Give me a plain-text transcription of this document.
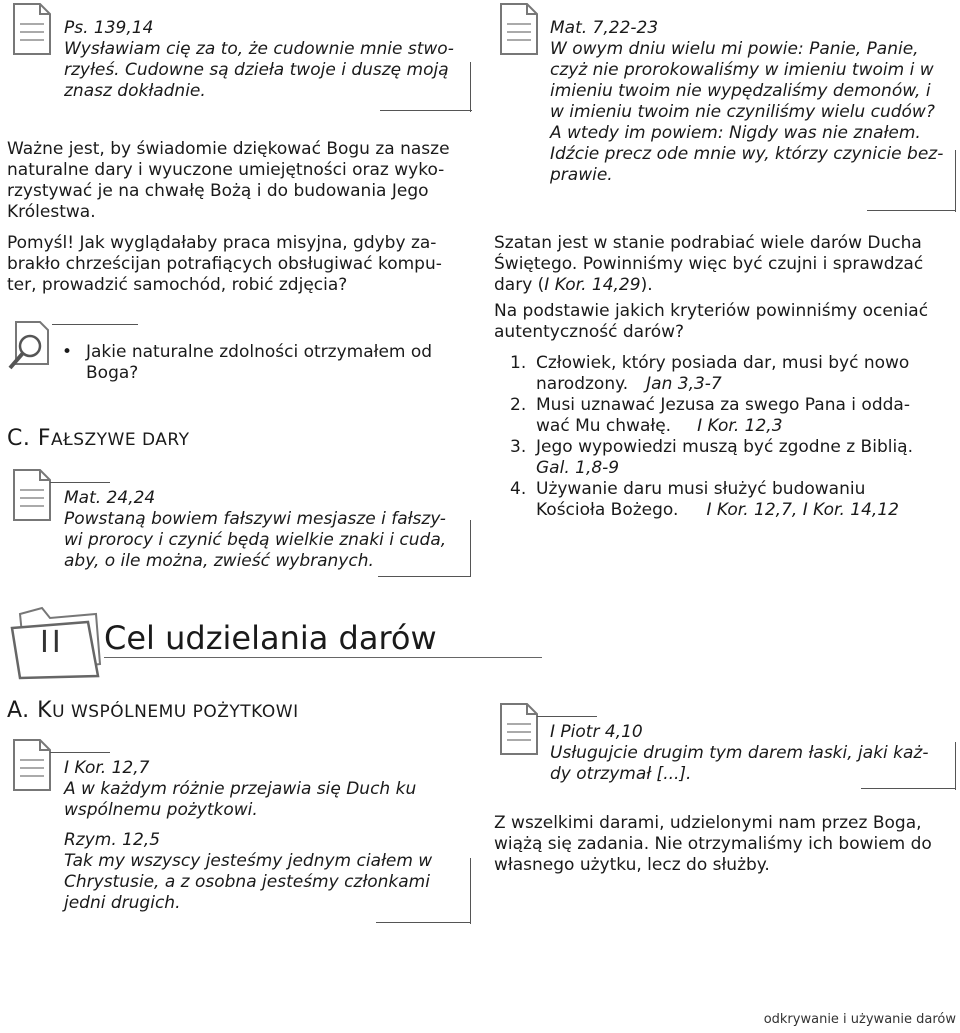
Ps. 139,14

Wysławiam cię za to, że cudownie mnie stwo-

rzyłeś. Cudowne są dzieła twoje i duszę moją

znasz dokładnie.

Ważne jest, by świadomie dziękować Bogu za nasze

naturalne dary i wyuczone umiejętności oraz wyko-

rzystywać je na chwałę Bożą i do budowania Jego

Królestwa.

Pomyśl! Jak wyglądałaby praca misyjna, gdyby za-

brakło chrześcijan potrafiących obsługiwać kompu-

ter, prowadzić samochód, robić zdjęcia?

• Jakie naturalne zdolności otrzymałem od

Boga?

C. FAŁSZYWE DARY

Mat. 24,24

Powstaną bowiem fałszywi mesjasze i fałszy-

wi prorocy i czynić będą wielkie znaki i cuda,

aby, o ile można, zwieść wybranych.

Mat. 7,22-23

W owym dniu wielu mi powie: Panie, Panie,

czyż nie prorokowaliśmy w imieniu twoim i w

imieniu twoim nie wypędzaliśmy demonów, i

w imieniu twoim nie czyniliśmy wielu cudów?

A wtedy im powiem: Nigdy was nie znałem.

Idźcie precz ode mnie wy, którzy czynicie bez-

prawie.

Szatan jest w stanie podrabiać wiele darów Ducha

Świętego. Powinniśmy więc być czujni i sprawdzać

dary (I Kor. 14,29).

Na podstawie jakich kryteriów powinniśmy oceniać

autentyczność darów?

1. Człowiek, który posiada dar, musi być nowo

narodzony. Jan 3,3-7

2. Musi uznawać Jezusa za swego Pana i odda-

wać Mu chwałę. I Kor. 12,3

3. Jego wypowiedzi muszą być zgodne z Biblią.

Gal. 1,8-9

4. Używanie daru musi służyć budowaniu

Kościoła Bożego. I Kor. 12,7, I Kor. 14,12

II Cel udzielania darów
A. KU WSPÓLNEMU POŻYTKOWI

I Kor. 12,7

A w każdym różnie przejawia się Duch ku

wspólnemu pożytkowi.

Rzym. 12,5

Tak my wszyscy jesteśmy jednym ciałem w

Chrystusie, a z osobna jesteśmy członkami

jedni drugich.

I Piotr 4,10

Usługujcie drugim tym darem łaski, jaki każ-

dy otrzymał [...].

Z wszelkimi darami, udzielonymi nam przez Boga,

wiążą się zadania. Nie otrzymaliśmy ich bowiem do

własnego użytku, lecz do służby.

odkrywanie i używanie darów
